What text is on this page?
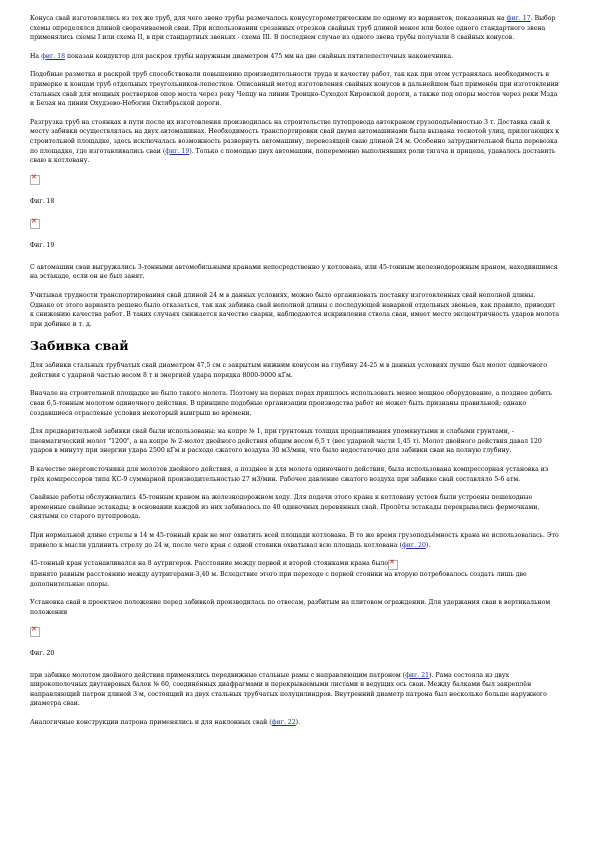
Конуса свай изготовлялись из тех же труб, для чего звено трубы размечалось конусугорометрическим по одному из вариантов, показанных на фиг. 17. Выбор схемы определялся длиной сворачиваемой сваи. При использовании срезанных отрезков свайных труб длиной менее или более одного стандартного звена применялись схемы I или схема II, в при стандартных звеньях - схема III. В последнем случае из одного звена трубы получали 8 свайных конусов.

На фиг. 18 показан кондуктор для раскроя трубы наружным диаметром 475 мм на две свайных пятилепесточных наконечника.

Подобные разметка и раскрой труб способствовали повышению производительности труда и качеству работ, так как при этом устранялась необходимость в примерке к концам труб отдельных треугольников-лепестков. Описанный метод изготовления свайных конусов в дальнейшем был применён при изготовлении стальных свай для мощных ростверков опор моста через реку Чепцу на линии Троицко-Суходол Кировской дороги, а также под опоры мостов через реки Мзда и Белая на линии Охудзево-Небогин Октябрьской дороги.

Разгрузка труб на стоянках в пути после их изготовления производилась на строительстве путепровода автокраном грузоподъёмностью 3 т. Доставка свай к месту забивки осуществлялась на двух автомашинах. Необходимость транспортировки свай двумя автомашинами была вызвана теснотой улиц, прилегающих к строительной площадке, здесь исключалась возможность развернуть автомашину, перевозящей сваю длиной 24 м. Особенно затруднительной была перевозка по площадке, где изготавливались сваи (фиг. 19). Только с помощью двух автомашин, попеременно выполнявших роли тягача и прицепа, удавалось доставить сваю к котловану.

✕
Фиг. 18
✕
Фиг. 19

С автомашин сваи выгружались 3-тонными автомобильными кранами непосредственно у котлована, или 45-тонным железнодорожным краном, находившимся на эстакаде, если он не был занят.

Учитывая трудности транспортирования свай длиной 24 м в данных условиях, можно было организовать поставку изготовленных свай неполной длины. Однако от этого варианта решено было отказаться, так как забивка свай неполной длины с последующей наваркой отдельных звеньев, как правило, приводит к снижению качества работ. В таких случаях снижается качество сварки, наблюдаются искривления ствола сваи, имеет место эксцентричность ударов молота при добивке и т. д.

Забивка свай

Для забивки стальных трубчатых свай диаметром 47,5 см с закрытым нижним конусом на глубину 24-25 м в данных условиях лучше был молот одиночного действия с ударной частью весом 8 т и энергией удара порядка 8000-9000 кГм.

Вначале на строительной площадке не было такого молота. Поэтому на первых порах пришлось использовать менее мощное оборудование, а позднее добить сваи 6,5-тонным молотом одиночного действия. В принципе подобные организации производства работ не может быть признаны правильной; однако создавшиеся отраслевые условия некоторый выигрыш во времени.

Для предварительной забивки свай были использованы: на копре № 1, при грунтовых толщах продавливания упомянутыми и слабыми грунтами, - пневматический молот "1200", а на копре № 2-молот двойного действия общим весом 6,5 т (вес ударной части 1,45 т). Молот двойного действия давал 120 ударов в минуту при энергии удара 2500 кГм и расходе сжатого воздуха 30 м3/мин, что было недостаточно для забивки сваи на полную глубину.

В качестве энергоисточника для молотов двойного действия, а позднее и для молота одиночного действия, была использована компрессорная установка из трёх компрессоров типа КС-9 суммарной производительностью 27 м3/мин. Рабочее давление сжатого воздуха при забивке свай составляло 5-6 атм.

Свайные работы обслуживались 45-тонным краном на железнодорожном ходу. Для подачи этого крана к котловану устоев были устроены пешеходные временные свайные эстакады; в основании каждой из них забивалось по 40 одиночных деревянных свай. Пролёты эстакады перекрывались фермочками, снятыми со старого путепровода.

При нормальной длине стрелы в 14 м 45-тонный кран не мог охватить всей площади котлована. В то же время грузоподъёмность крана не использовалась. Это привело к мысли удлинить стрелу до 24 м, после чего кран с одной стоянки охватывал всю площадь котлована (фиг. 20).

45-тонный кран устанавливался на 8 аутригеров. Расстояние между первой и второй стоянками крана было✕
принято равным расстоянию между аутригерами-3,40 м. Вследствие этого при переходе с первой стоянки на вторую потребовалось создать лишь две дополнительные опоры.

Установка свай в проектное положение перед забивкой производилась по отвесам, разбитым на плитовом ограждении. Для удержания сваи в вертикальном положении

✕
Фиг. 20

при забивке молотом двойного действия применялись передвижные стальные рамы с направляющим патроном (фиг. 21). Рама состояла из двух широкополочных двутавровых балок № 60, соединённых диафрагмами и перекрываемыми листами и ведущих ось сваи. Между балками был закреплён направляющий патрон длиной 3 м, состоящий из двух стальных трубчатых полуцилиндров. Внутренний диаметр патрона был несколько больше наружного диаметра сваи.

Аналогичные конструкции патрона применялись и для наклонных свай (фиг. 22).
